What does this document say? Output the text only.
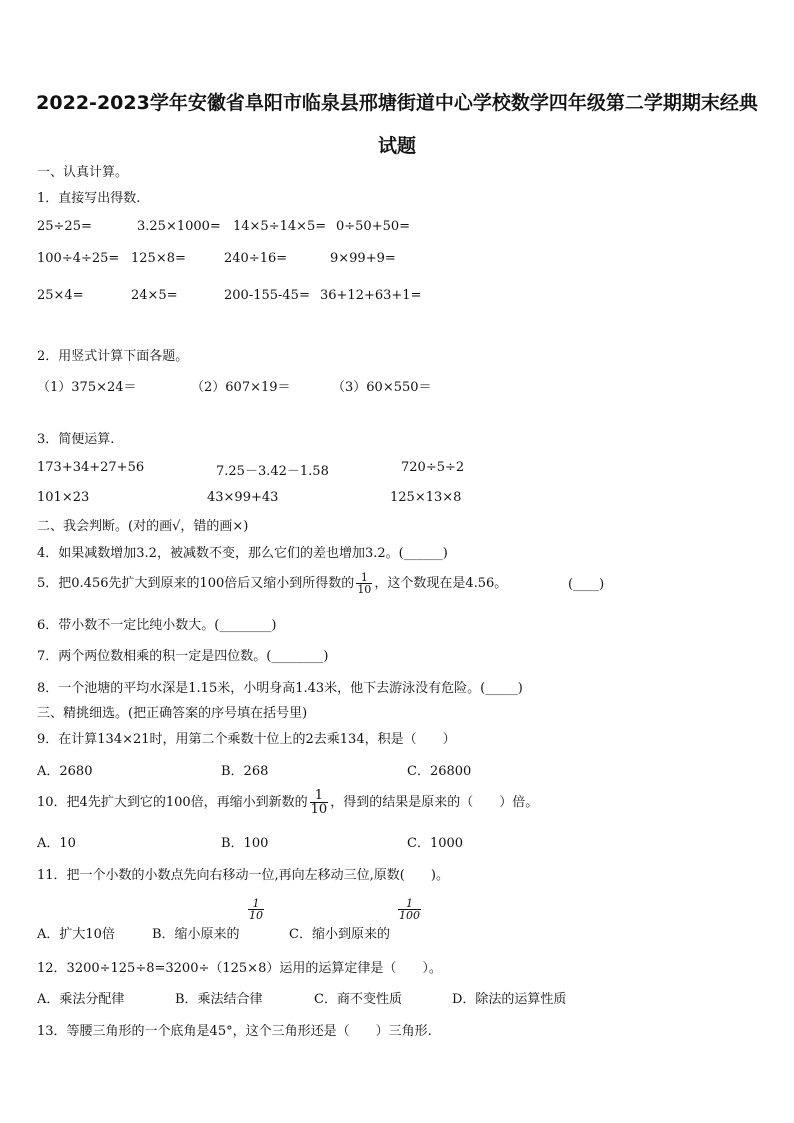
2022-2023学年安徽省阜阳市临泉县邢塘街道中心学校数学四年级第二学期期末经典
试题
一、认真计算。
1．直接写出得数.
25÷25=	3.25×1000= 14×5÷14×5= 0÷50+50=
100÷4÷25= 125×8=	240÷16=	9×99+9=
25×4=	24×5=	200-155-45= 36+12+63+1=
2．用竖式计算下面各题。
（1）375×24＝	（2）607×19＝	（3）60×550＝
3．简便运算.
173+34+27+56	7.25－3.42－1.58	720÷5÷2
101×23	43×99+43	125×13×8
二、我会判断。(对的画√，错的画×)
4．如果减数增加3.2，被减数不变，那么它们的差也增加3.2。(______)
5．把0.456先扩大到原来的100倍后又缩小到所得数的 $\frac{1}{10}$ ，这个数现在是4.56。	(____)
6．带小数不一定比纯小数大。(________)
7．两个两位数相乘的积一定是四位数。(________)
8．一个池塘的平均水深是1.15米，小明身高1.43米，他下去游泳没有危险。(_____)
三、精挑细选。(把正确答案的序号填在括号里)
9．在计算134×21时，用第二个乘数十位上的2去乘134，积是（　　）
A．2680	B．268	C．26800
10．把4先扩大到它的100倍，再缩小到新数的 $\frac{1}{10}$ ，得到的结果是原来的（　　）倍。
A．10	B．100	C．1000
11．把一个小数的小数点先向右移动一位,再向左移动三位,原数(　　)。
A．扩大10倍	B．缩小原来的
$\frac{1}{10}$
C．缩小到原来的
$\frac{1}{100}$
12．3200÷125÷8=3200÷（125×8）运用的运算定律是（　　）。
A．乘法分配律	B．乘法结合律	C．商不变性质	D．除法的运算性质
13．等腰三角形的一个底角是45°，这个三角形还是（　　）三角形.
